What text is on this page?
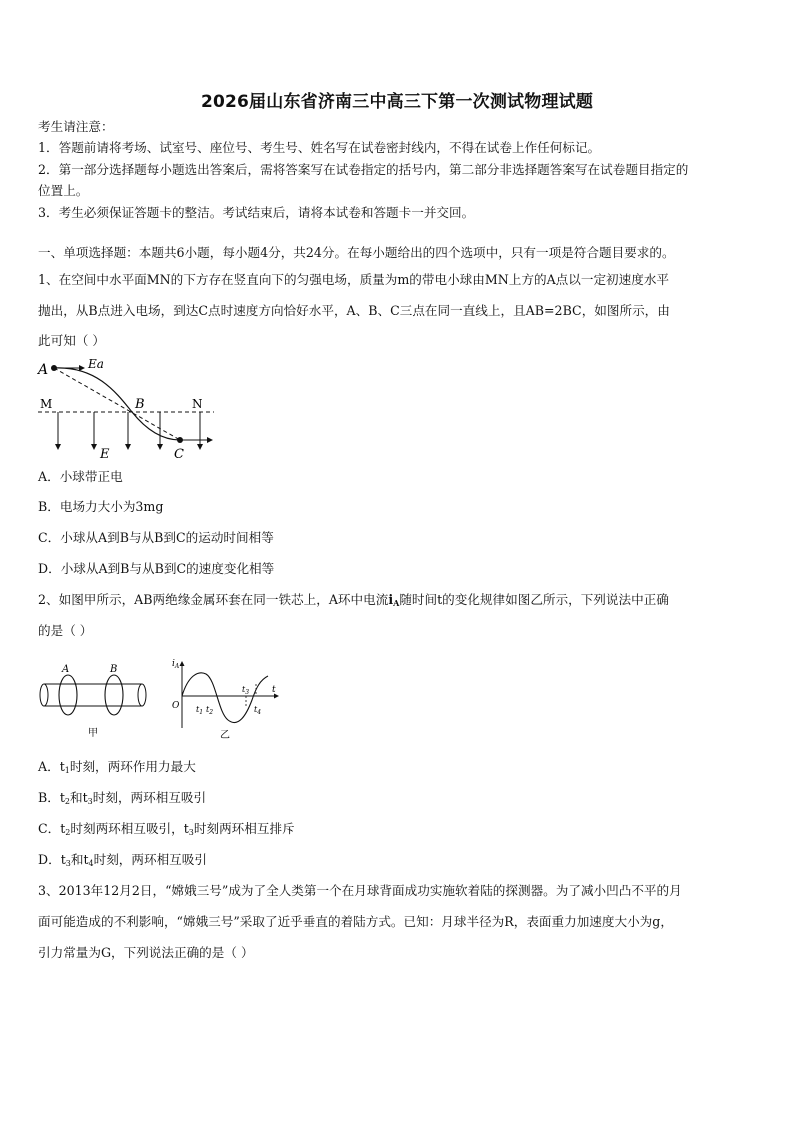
2026届山东省济南三中高三下第一次测试物理试题
考生请注意：
1．答题前请将考场、试室号、座位号、考生号、姓名写在试卷密封线内，不得在试卷上作任何标记。
2．第一部分选择题每小题选出答案后，需将答案写在试卷指定的括号内，第二部分非选择题答案写在试卷题目指定的
位置上。
3．考生必须保证答题卡的整洁。考试结束后，请将本试卷和答题卡一并交回。
一、单项选择题：本题共6小题，每小题4分，共24分。在每小题给出的四个选项中，只有一项是符合题目要求的。
1、在空间中水平面MN的下方存在竖直向下的匀强电场，质量为m的带电小球由MN上方的A点以一定初速度水平
抛出，从B点进入电场，到达C点时速度方向恰好水平，A、B、C三点在同一直线上，且AB=2BC，如图所示，由
此可知（ ）
A	Ea
M	B	N
E	C
A．小球带正电
B．电场力大小为3mg
C．小球从A到B与从B到C的运动时间相等
D．小球从A到B与从B到C的速度变化相等
2、如图甲所示，AB两绝缘金属环套在同一铁芯上，A环中电流$i_A$随时间t的变化规律如图乙所示，下列说法中正确
的是（ ）
A	B
甲
$i_A$
O
t
$t_1$ $t_2$
$t_3$
$t_4$
乙
A．$t_1$时刻，两环作用力最大
B．$t_2$和$t_3$时刻，两环相互吸引
C．$t_2$时刻两环相互吸引，$t_3$时刻两环相互排斥
D．$t_3$和$t_4$时刻，两环相互吸引
3、2013年12月2日，“嫦娥三号”成为了全人类第一个在月球背面成功实施软着陆的探测器。为了减小凹凸不平的月
面可能造成的不利影响，“嫦娥三号”采取了近乎垂直的着陆方式。已知：月球半径为R，表面重力加速度大小为g，
引力常量为G，下列说法正确的是（ ）
